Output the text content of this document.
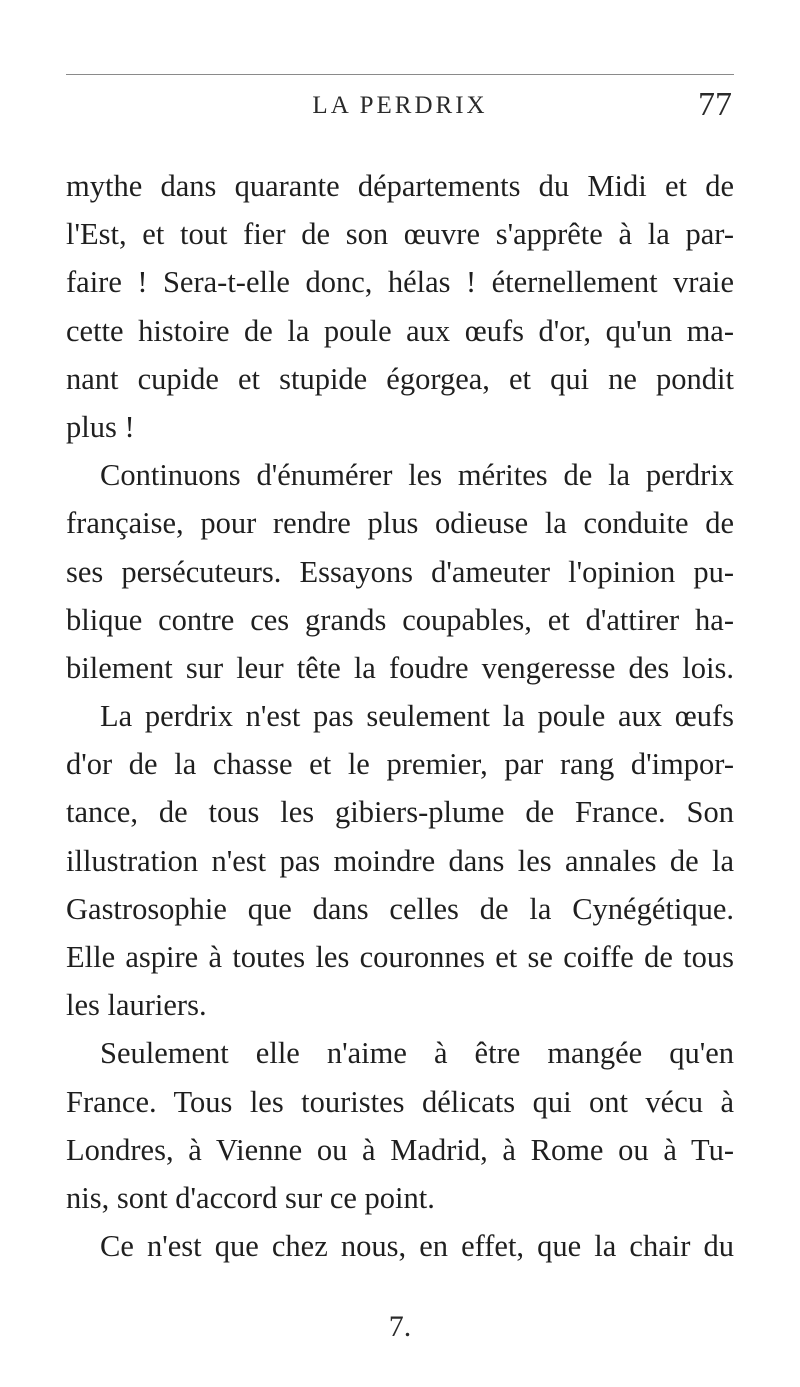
LA PERDRIX	77
mythe dans quarante départements du Midi et de
l'Est, et tout fier de son œuvre s'apprête à la par-
faire ! Sera-t-elle donc, hélas ! éternellement vraie
cette histoire de la poule aux œufs d'or, qu'un ma-
nant cupide et stupide égorgea, et qui ne pondit
plus !
Continuons d'énumérer les mérites de la perdrix
française, pour rendre plus odieuse la conduite de
ses persécuteurs. Essayons d'ameuter l'opinion pu-
blique contre ces grands coupables, et d'attirer ha-
bilement sur leur tête la foudre vengeresse des lois.
La perdrix n'est pas seulement la poule aux œufs
d'or de la chasse et le premier, par rang d'impor-
tance, de tous les gibiers-plume de France. Son
illustration n'est pas moindre dans les annales de la
Gastrosophie que dans celles de la Cynégétique.
Elle aspire à toutes les couronnes et se coiffe de tous
les lauriers.
Seulement elle n'aime à être mangée qu'en
France. Tous les touristes délicats qui ont vécu à
Londres, à Vienne ou à Madrid, à Rome ou à Tu-
nis, sont d'accord sur ce point.
Ce n'est que chez nous, en effet, que la chair du
7.
